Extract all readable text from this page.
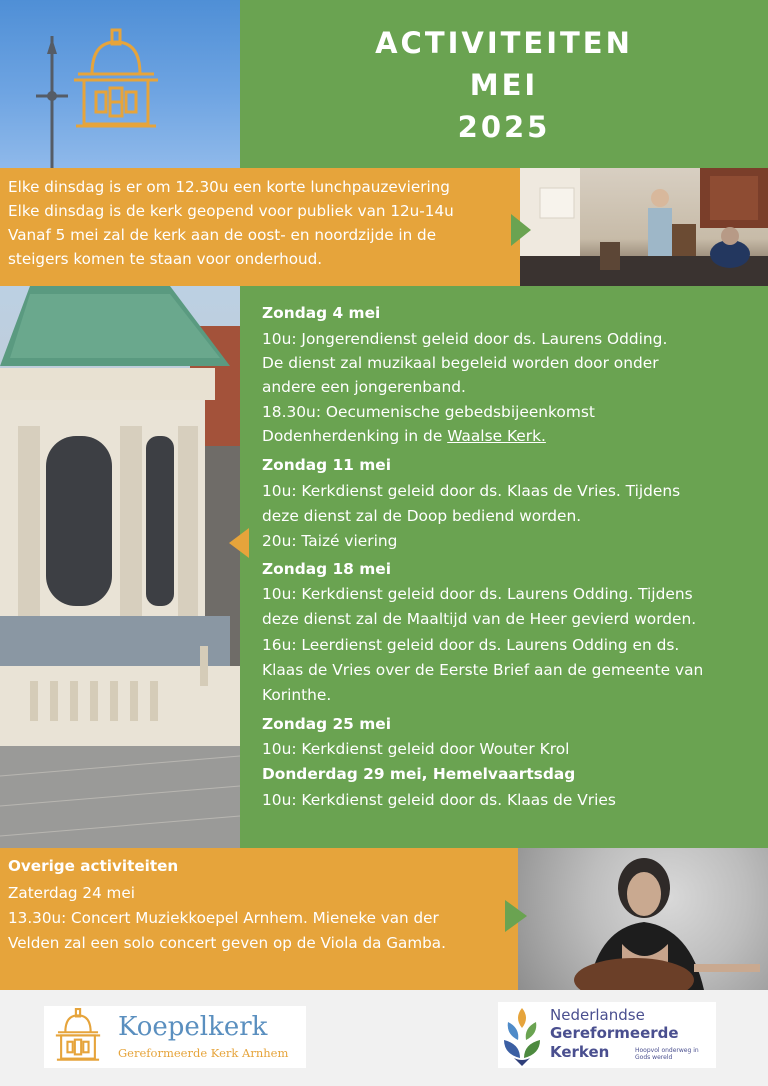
ACTIVITEITEN
MEI
2025
Elke dinsdag is er om 12.30u een korte lunchpauzeviering
Elke dinsdag is de kerk geopend voor publiek van 12u-14u
Vanaf 5 mei zal de kerk aan de oost- en noordzijde in de
steigers komen te staan voor onderhoud.
Zondag 4 mei
10u: Jongerendienst geleid door ds. Laurens Odding.
De dienst zal muzikaal begeleid worden door onder
andere een jongerenband.
18.30u: Oecumenische gebedsbijeenkomst
Dodenherdenking in de Waalse Kerk.
Zondag 11 mei
10u: Kerkdienst geleid door ds. Klaas de Vries. Tijdens
deze dienst zal de Doop bediend worden.
20u: Taizé viering
Zondag 18 mei
10u: Kerkdienst geleid door ds. Laurens Odding. Tijdens
deze dienst zal de Maaltijd van de Heer gevierd worden.
16u: Leerdienst geleid door ds. Laurens Odding en ds.
Klaas de Vries over de Eerste Brief aan de gemeente van
Korinthe.
Zondag 25 mei
10u: Kerkdienst geleid door Wouter Krol
Donderdag 29 mei, Hemelvaartsdag
10u: Kerkdienst geleid door ds. Klaas de Vries
Overige activiteiten
Zaterdag 24 mei
13.30u: Concert Muziekkoepel Arnhem. Mieneke van der
Velden zal een solo concert geven op de Viola da Gamba.
Koepelkerk
Gereformeerde Kerk Arnhem
Nederlandse
Gereformeerde
Kerken	Hoopvol onderweg in Gods wereld
